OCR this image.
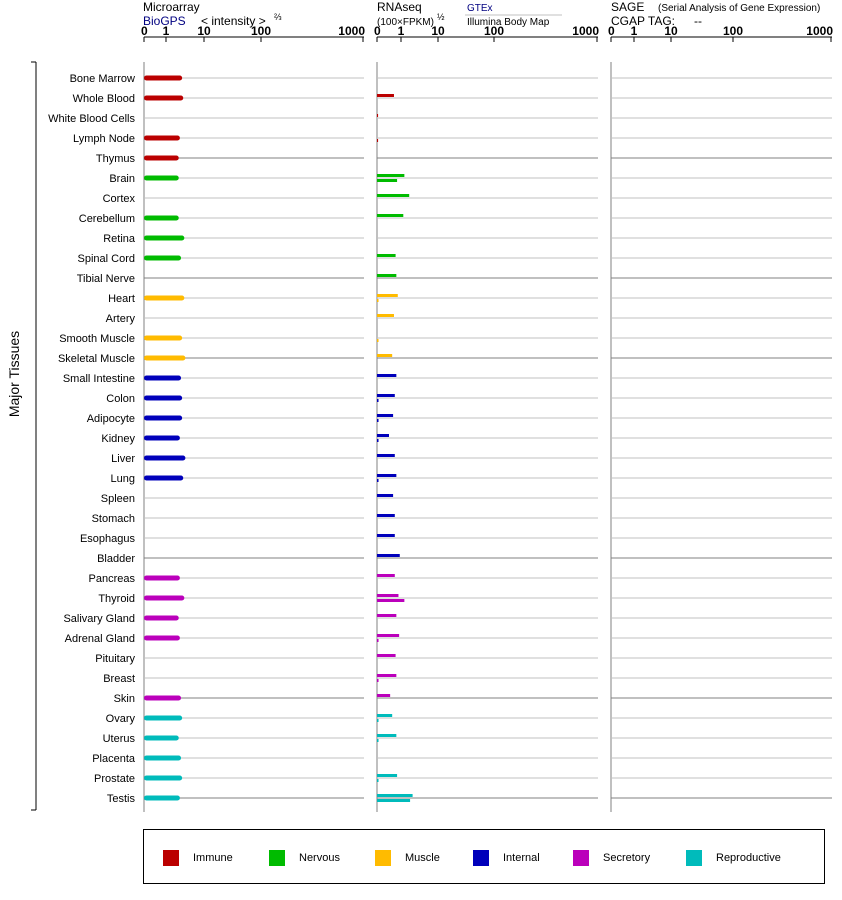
Microarray
BioGPS < intensity > ⅔
RNAseq
(100×FPKM) ½
GTEx
Illumina Body Map
SAGE (Serial Analysis of Gene Expression)
CGAP TAG: --
0 1 10	100	1000 0 1 10	100	1000 0 1 10	100	1000
Major Tissues
Bone Marrow
Whole Blood
White Blood Cells
Lymph Node
Thymus
Brain
Cortex
Cerebellum
Retina
Spinal Cord
Tibial Nerve
Heart
Artery
Smooth Muscle
Skeletal Muscle
Small Intestine
Colon
Adipocyte
Kidney
Liver
Lung
Spleen
Stomach
Esophagus
Bladder
Pancreas
Thyroid
Salivary Gland
Adrenal Gland
Pituitary
Breast
Skin
Ovary
Uterus
Placenta
Prostate
Testis
Immune	Nervous	Muscle	Internal	Secretory	Reproductive
